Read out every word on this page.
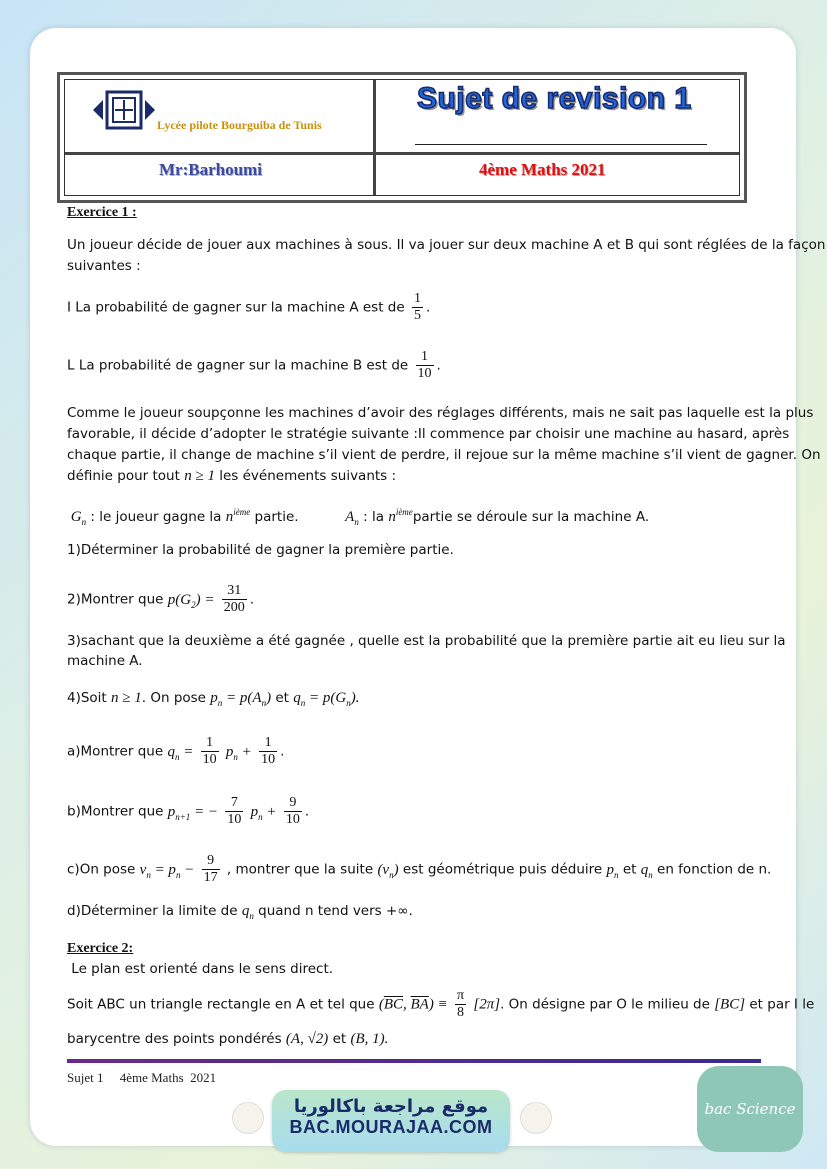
Lycée pilote Bourguiba de Tunis
Sujet de revision 1
Mr:Barhoumi	4ème Maths 2021
Exercice 1 :
Un joueur décide de jouer aux machines à sous. Il va jouer sur deux machine A et B qui sont réglées de la façon
suivantes :
Ⅰ La probabilité de gagner sur la machine A est de $\frac{1}{5}$ .
Ⅼ La probabilité de gagner sur la machine B est de $\frac{1}{10}$ .
Comme le joueur soupçonne les machines d’avoir des réglages différents, mais ne sait pas laquelle est la plus
favorable, il décide d’adopter le stratégie suivante :Il commence par choisir une machine au hasard, après
chaque partie, il change de machine s’il vient de perdre, il rejoue sur la même machine s’il vient de gagner. On
définie pour tout n ≥ 1 les événements suivants :
$G_n$ : le joueur gagne la $n^{ième}$ partie.	$A_n$ : la $n^{ième}partie$ se déroule sur la machine A.
1)Déterminer la probabilité de gagner la première partie.
2)Montrer que $p(G_2) = \frac{31}{200}$ .
3)sachant que la deuxième a été gagnée , quelle est la probabilité que la première partie ait eu lieu sur la
machine A.
4)Soit n ≥ 1. On pose $p_n = p(A_n)$ et $q_n = p(G_n)$.
a)Montrer que $q_n = \frac{1}{10} p_n + \frac{1}{10}$ .
b)Montrer que $p_{n+1}$ = − $\frac{7}{10} p_n + \frac{9}{10}$ .
c)On pose $v_n = p_n - \frac{9}{17}$ , montrer que la suite $(v_n)$ est géométrique puis déduire $p_n$ et $q_n$ en fonction de n.
d)Déterminer la limite de $q_n$ quand n tend vers +∞.
Exercice 2:
Le plan est orienté dans le sens direct.
Soit ABC un triangle rectangle en A et tel que ($\overline{BC}$, $\overline{BA}) \equiv \frac{\pi}{8} [2\pi]$. On désigne par O le milieu de [BC] et par I le
barycentre des points pondérés (A, √2) et (B, 1).
Sujet 1     4ème Maths  2021
موقع مراجعة باكالوريا
BAC.MOURAJAA.COM
bac Science
